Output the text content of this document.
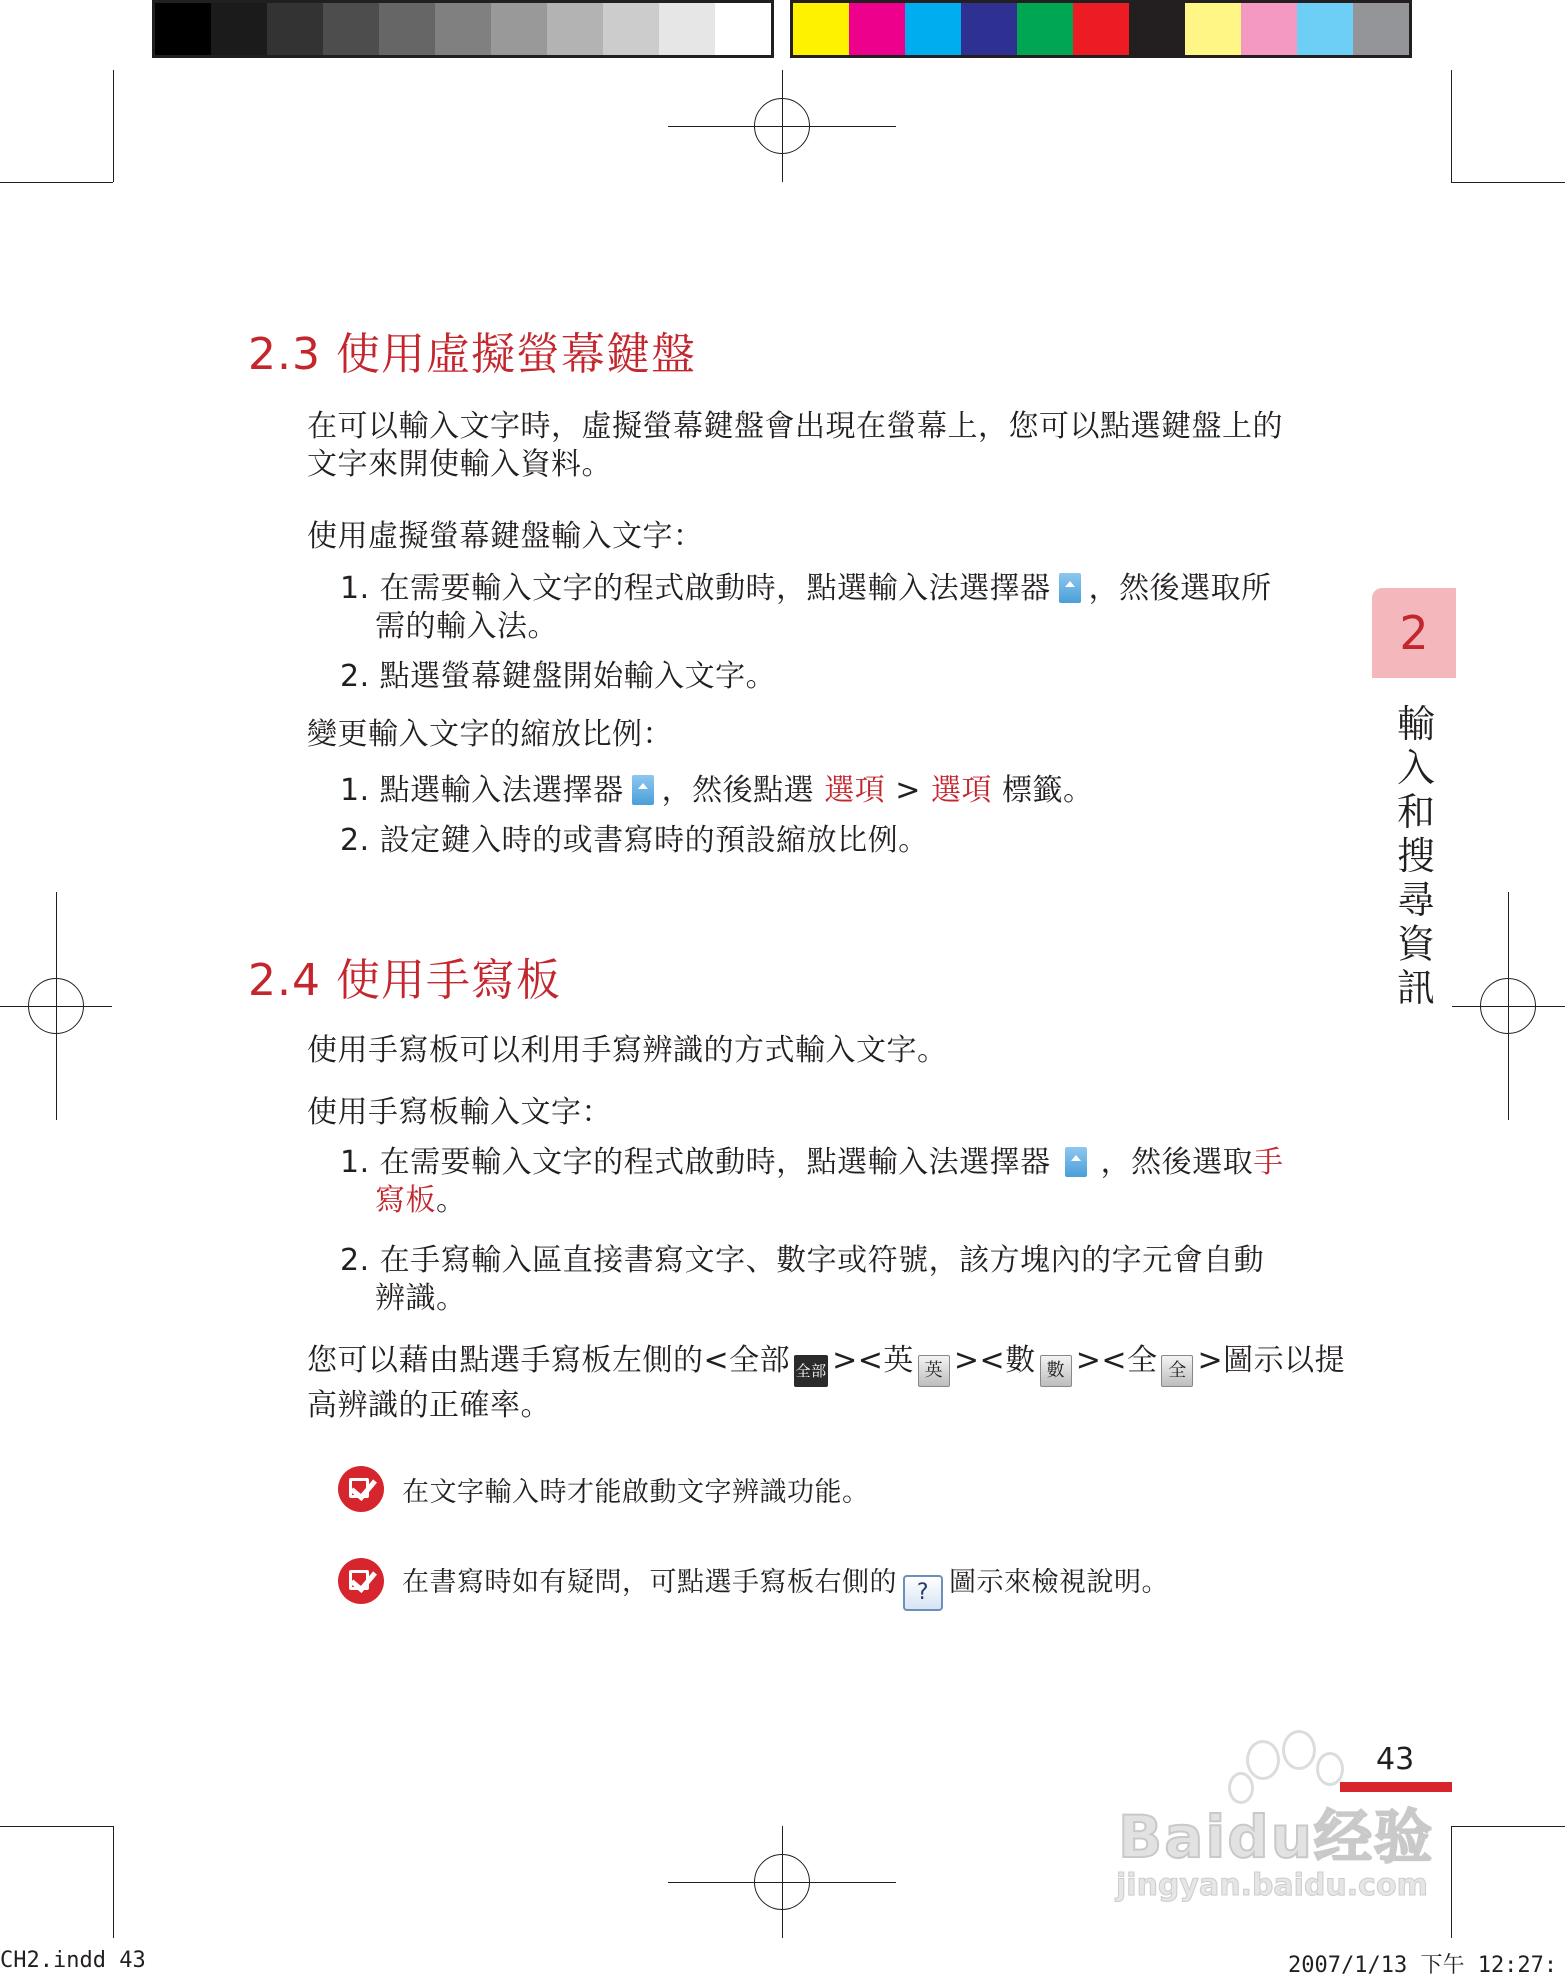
2.3 使用虛擬螢幕鍵盤
在可以輸入文字時，虛擬螢幕鍵盤會出現在螢幕上，您可以點選鍵盤上的
文字來開使輸入資料。
使用虛擬螢幕鍵盤輸入文字：
1. 在需要輸入文字的程式啟動時，點選輸入法選擇器 ，然後選取所
需的輸入法。
2. 點選螢幕鍵盤開始輸入文字。
變更輸入文字的縮放比例：
1. 點選輸入法選擇器 ，然後點選 選項 > 選項 標籤。
2. 設定鍵入時的或書寫時的預設縮放比例。
2.4 使用手寫板
使用手寫板可以利用手寫辨識的方式輸入文字。
使用手寫板輸入文字：
1. 在需要輸入文字的程式啟動時，點選輸入法選擇器 ，然後選取手
寫板。
2. 在手寫輸入區直接書寫文字、數字或符號，該方塊內的字元會自動
辨識。
您可以藉由點選手寫板左側的<全部 全部 ><英 英 ><數 數 ><全 全 >圖示以提
高辨識的正確率。
在文字輸入時才能啟動文字辨識功能。
在書寫時如有疑問，可點選手寫板右側的 ? 圖示來檢視說明。
2
輸
入
和
搜
尋
資
訊
43
Baidu经验
jingyan.baidu.com
CH2.indd 43	2007/1/13 下午 12:27:
